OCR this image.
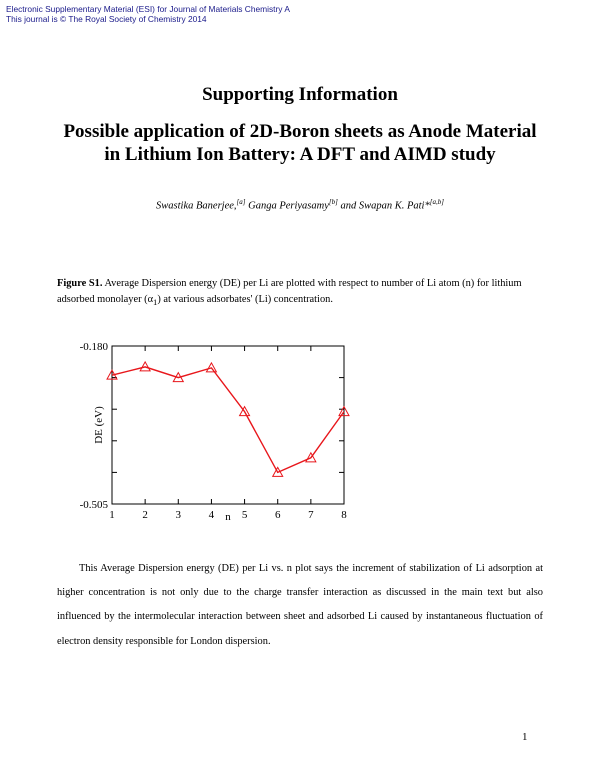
Electronic Supplementary Material (ESI) for Journal of Materials Chemistry A
This journal is © The Royal Society of Chemistry 2014
Supporting Information
Possible application of 2D-Boron sheets as Anode Material in Lithium Ion Battery: A DFT and AIMD study
Swastika Banerjee,[a] Ganga Periyasamy[b] and Swapan K. Pati*[a,b]
Figure S1. Average Dispersion energy (DE) per Li are plotted with respect to number of Li atom (n) for lithium adsorbed monolayer $(\alpha_1)$ at various adsorbates' (Li) concentration.
1	2	3	4	5	6	7	8
-0.180
-0.505
DE (eV)
n
This Average Dispersion energy (DE) per Li vs. n plot says the increment of stabilization of Li adsorption at higher concentration is not only due to the charge transfer interaction as discussed in the main text but also influenced by the intermolecular interaction between sheet and adsorbed Li caused by instantaneous fluctuation of electron density responsible for London dispersion.
1
